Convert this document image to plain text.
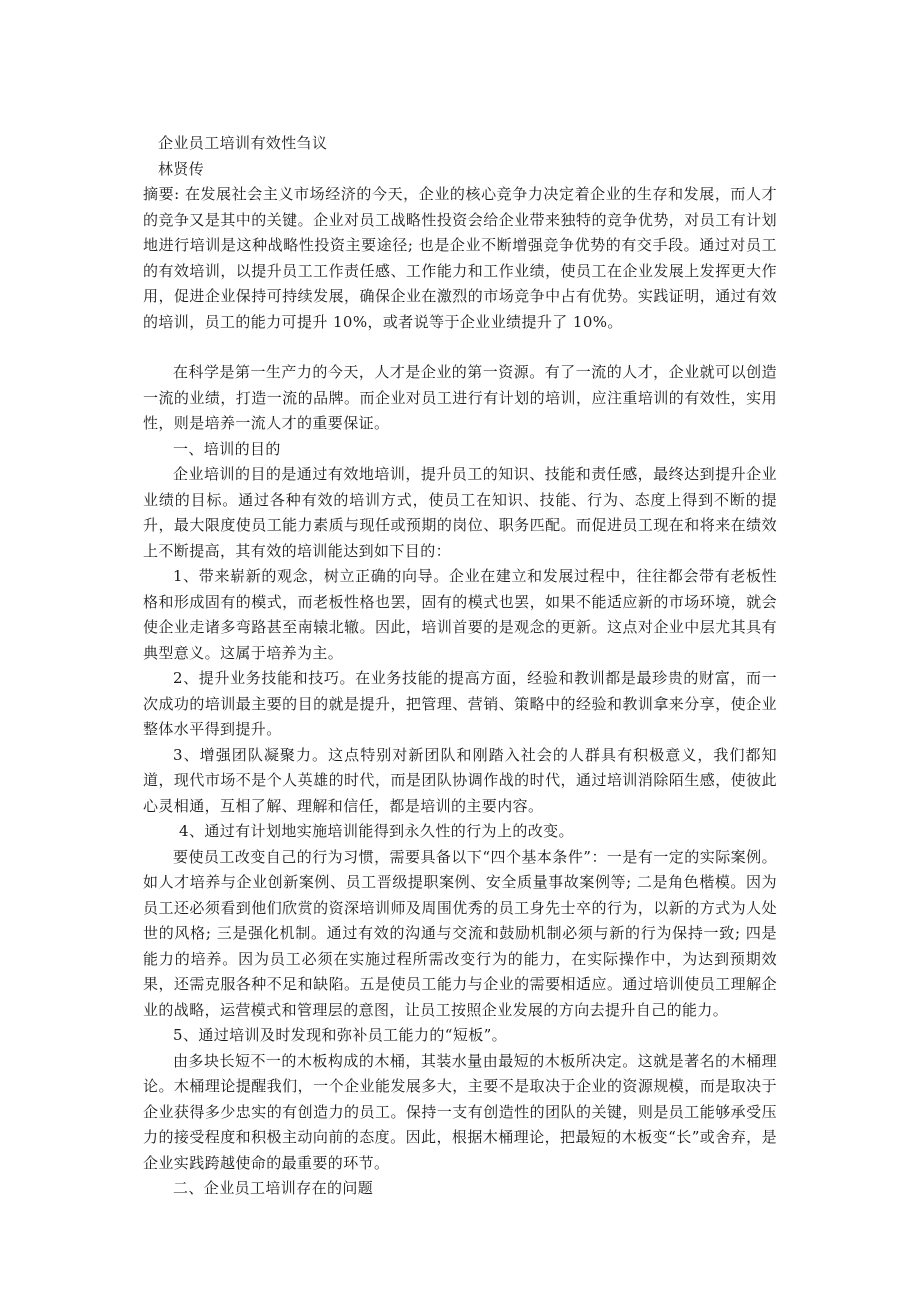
企业员工培训有效性刍议

林贤传

摘要: 在发展社会主义市场经济的今天，企业的核心竞争力决定着企业的生存和发展，而人才的竞争又是其中的关键。企业对员工战略性投资会给企业带来独特的竞争优势，对员工有计划地进行培训是这种战略性投资主要途径; 也是企业不断增强竞争优势的有交手段。通过对员工的有效培训，以提升员工工作责任感、工作能力和工作业绩，使员工在企业发展上发挥更大作用，促进企业保持可持续发展，确保企业在激烈的市场竞争中占有优势。实践证明，通过有效的培训，员工的能力可提升 10%，或者说等于企业业绩提升了 10%。

在科学是第一生产力的今天，人才是企业的第一资源。有了一流的人才，企业就可以创造一流的业绩，打造一流的品牌。而企业对员工进行有计划的培训，应注重培训的有效性，实用性，则是培养一流人才的重要保证。

一、培训的目的

企业培训的目的是通过有效地培训，提升员工的知识、技能和责任感，最终达到提升企业业绩的目标。通过各种有效的培训方式，使员工在知识、技能、行为、态度上得到不断的提升，最大限度使员工能力素质与现任或预期的岗位、职务匹配。而促进员工现在和将来在绩效上不断提高，其有效的培训能达到如下目的：

1、带来崭新的观念，树立正确的向导。企业在建立和发展过程中，往往都会带有老板性格和形成固有的模式，而老板性格也罢，固有的模式也罢，如果不能适应新的市场环境，就会使企业走诸多弯路甚至南辕北辙。因此，培训首要的是观念的更新。这点对企业中层尤其具有典型意义。这属于培养为主。

2、提升业务技能和技巧。在业务技能的提高方面，经验和教训都是最珍贵的财富，而一次成功的培训最主要的目的就是提升，把管理、营销、策略中的经验和教训拿来分享，使企业整体水平得到提升。

3、增强团队凝聚力。这点特别对新团队和刚踏入社会的人群具有积极意义，我们都知道，现代市场不是个人英雄的时代，而是团队协调作战的时代，通过培训消除陌生感，使彼此心灵相通，互相了解、理解和信任，都是培训的主要内容。

4、通过有计划地实施培训能得到永久性的行为上的改变。

要使员工改变自己的行为习惯，需要具备以下“四个基本条件”：一是有一定的实际案例。如人才培养与企业创新案例、员工晋级提职案例、安全质量事故案例等; 二是角色楷模。因为员工还必须看到他们欣赏的资深培训师及周围优秀的员工身先士卒的行为，以新的方式为人处世的风格; 三是强化机制。通过有效的沟通与交流和鼓励机制必须与新的行为保持一致; 四是能力的培养。因为员工必须在实施过程所需改变行为的能力，在实际操作中，为达到预期效果，还需克服各种不足和缺陷。五是使员工能力与企业的需要相适应。通过培训使员工理解企业的战略，运营模式和管理层的意图，让员工按照企业发展的方向去提升自己的能力。

5、通过培训及时发现和弥补员工能力的“短板”。

由多块长短不一的木板构成的木桶，其装水量由最短的木板所决定。这就是著名的木桶理论。木桶理论提醒我们，一个企业能发展多大，主要不是取决于企业的资源规模，而是取决于企业获得多少忠实的有创造力的员工。保持一支有创造性的团队的关键，则是员工能够承受压力的接受程度和积极主动向前的态度。因此，根据木桶理论，把最短的木板变“长”或舍弃，是企业实践跨越使命的最重要的环节。

二、企业员工培训存在的问题
